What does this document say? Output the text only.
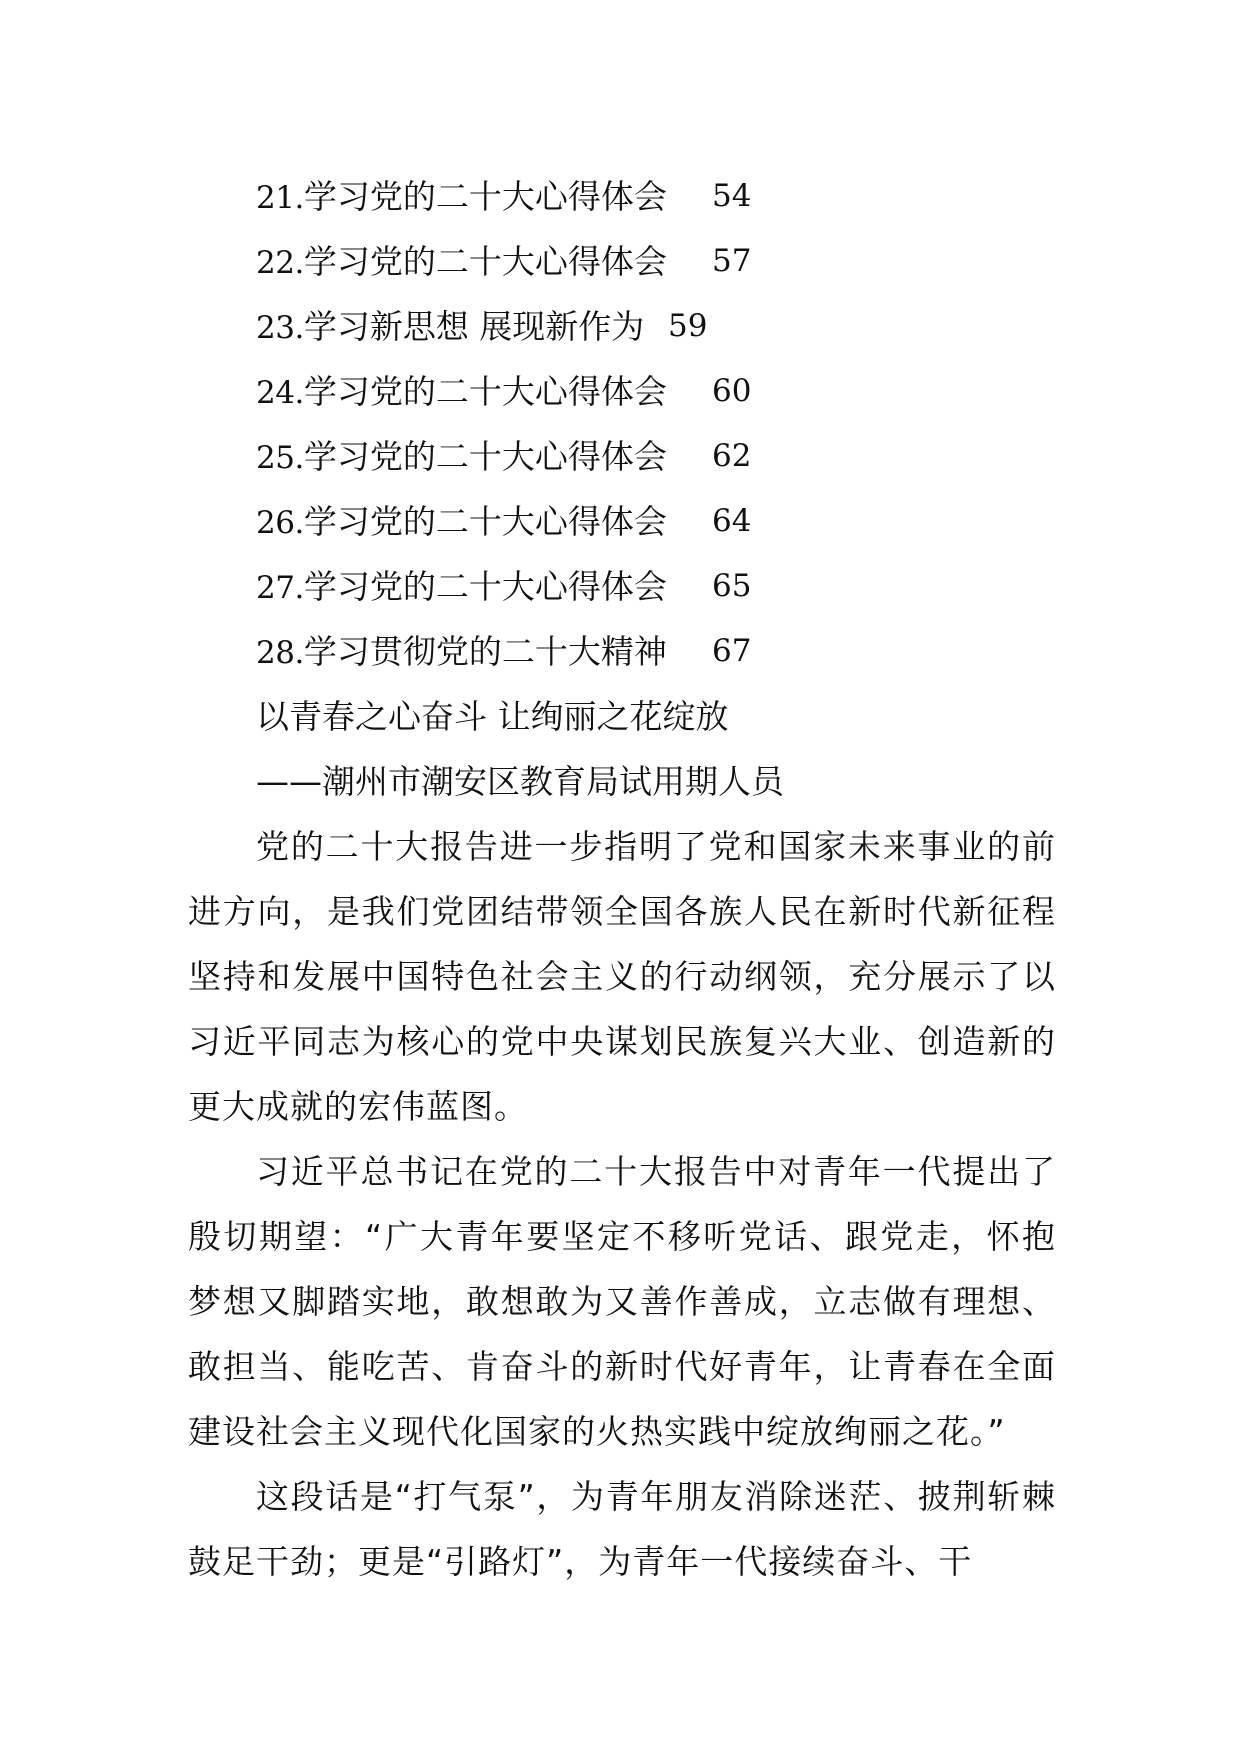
21.学习党的二十大心得体会 54
22.学习党的二十大心得体会 57
23.学习新思想 展现新作为 59
24.学习党的二十大心得体会 60
25.学习党的二十大心得体会 62
26.学习党的二十大心得体会 64
27.学习党的二十大心得体会 65
28.学习贯彻党的二十大精神 67
以青春之心奋斗 让绚丽之花绽放
——潮州市潮安区教育局试用期人员

党的二十大报告进一步指明了党和国家未来事业的前进方向，是我们党团结带领全国各族人民在新时代新征程坚持和发展中国特色社会主义的行动纲领，充分展示了以习近平同志为核心的党中央谋划民族复兴大业、创造新的更大成就的宏伟蓝图。

习近平总书记在党的二十大报告中对青年一代提出了殷切期望：“广大青年要坚定不移听党话、跟党走，怀抱梦想又脚踏实地，敢想敢为又善作善成，立志做有理想、敢担当、能吃苦、肯奋斗的新时代好青年，让青春在全面建设社会主义现代化国家的火热实践中绽放绚丽之花。”

这段话是“打气泵”，为青年朋友消除迷茫、披荆斩棘鼓足干劲；更是“引路灯”，为青年一代接续奋斗、干
